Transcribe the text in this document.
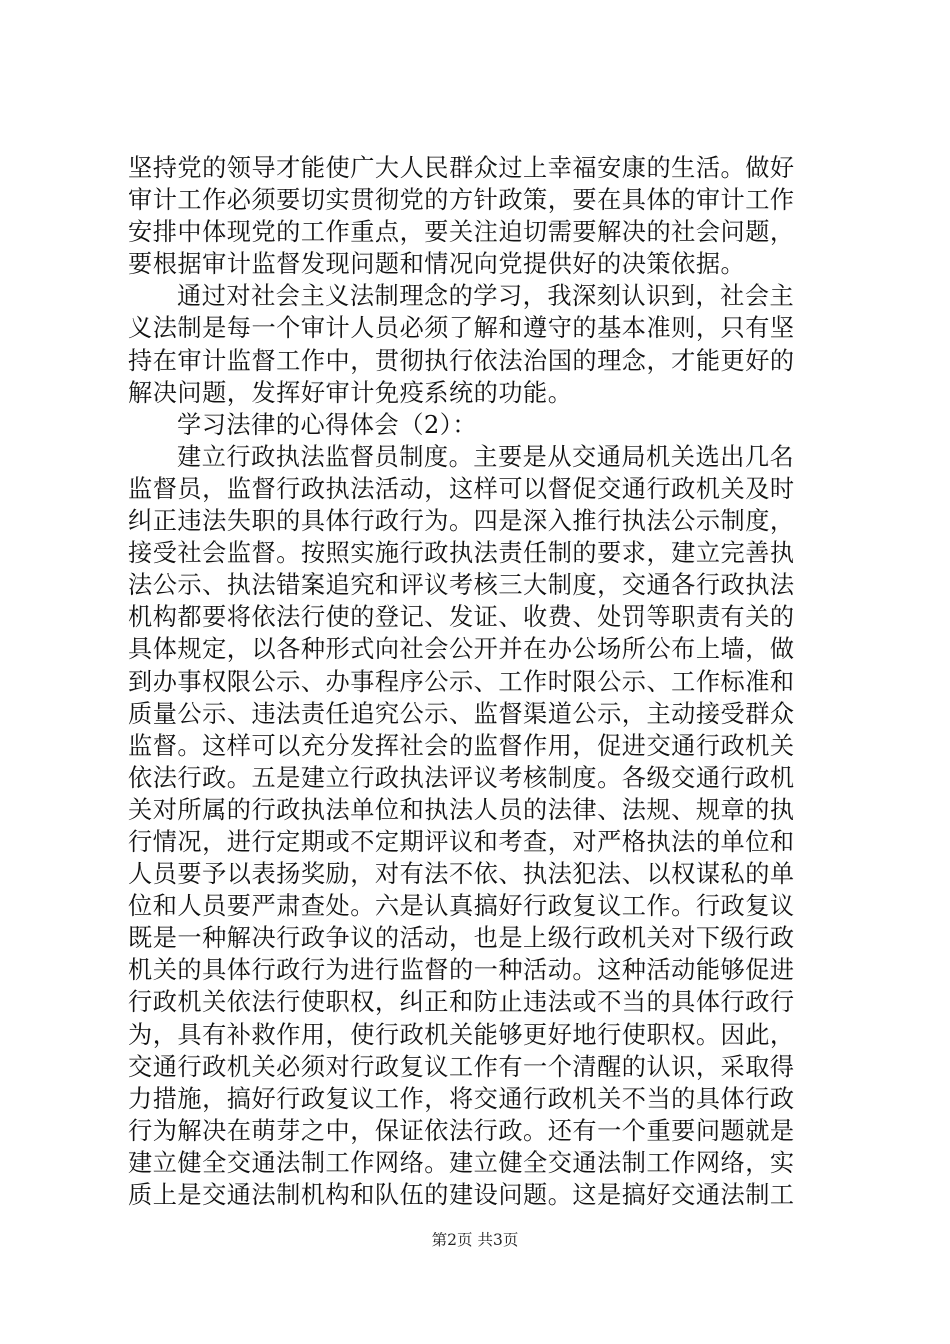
坚持党的领导才能使广大人民群众过上幸福安康的生活。做好
审计工作必须要切实贯彻党的方针政策，要在具体的审计工作
安排中体现党的工作重点，要关注迫切需要解决的社会问题，
要根据审计监督发现问题和情况向党提供好的决策依据。
通过对社会主义法制理念的学习，我深刻认识到，社会主
义法制是每一个审计人员必须了解和遵守的基本准则，只有坚
持在审计监督工作中，贯彻执行依法治国的理念，才能更好的
解决问题，发挥好审计免疫系统的功能。
学习法律的心得体会（2）：
建立行政执法监督员制度。主要是从交通局机关选出几名
监督员，监督行政执法活动，这样可以督促交通行政机关及时
纠正违法失职的具体行政行为。四是深入推行执法公示制度，
接受社会监督。按照实施行政执法责任制的要求，建立完善执
法公示、执法错案追究和评议考核三大制度，交通各行政执法
机构都要将依法行使的登记、发证、收费、处罚等职责有关的
具体规定，以各种形式向社会公开并在办公场所公布上墙，做
到办事权限公示、办事程序公示、工作时限公示、工作标准和
质量公示、违法责任追究公示、监督渠道公示，主动接受群众
监督。这样可以充分发挥社会的监督作用，促进交通行政机关
依法行政。五是建立行政执法评议考核制度。各级交通行政机
关对所属的行政执法单位和执法人员的法律、法规、规章的执
行情况，进行定期或不定期评议和考查，对严格执法的单位和
人员要予以表扬奖励，对有法不依、执法犯法、以权谋私的单
位和人员要严肃查处。六是认真搞好行政复议工作。行政复议
既是一种解决行政争议的活动，也是上级行政机关对下级行政
机关的具体行政行为进行监督的一种活动。这种活动能够促进
行政机关依法行使职权，纠正和防止违法或不当的具体行政行
为，具有补救作用，使行政机关能够更好地行使职权。因此，
交通行政机关必须对行政复议工作有一个清醒的认识，采取得
力措施，搞好行政复议工作，将交通行政机关不当的具体行政
行为解决在萌芽之中，保证依法行政。还有一个重要问题就是
建立健全交通法制工作网络。建立健全交通法制工作网络，实
质上是交通法制机构和队伍的建设问题。这是搞好交通法制工
第2页 共3页
